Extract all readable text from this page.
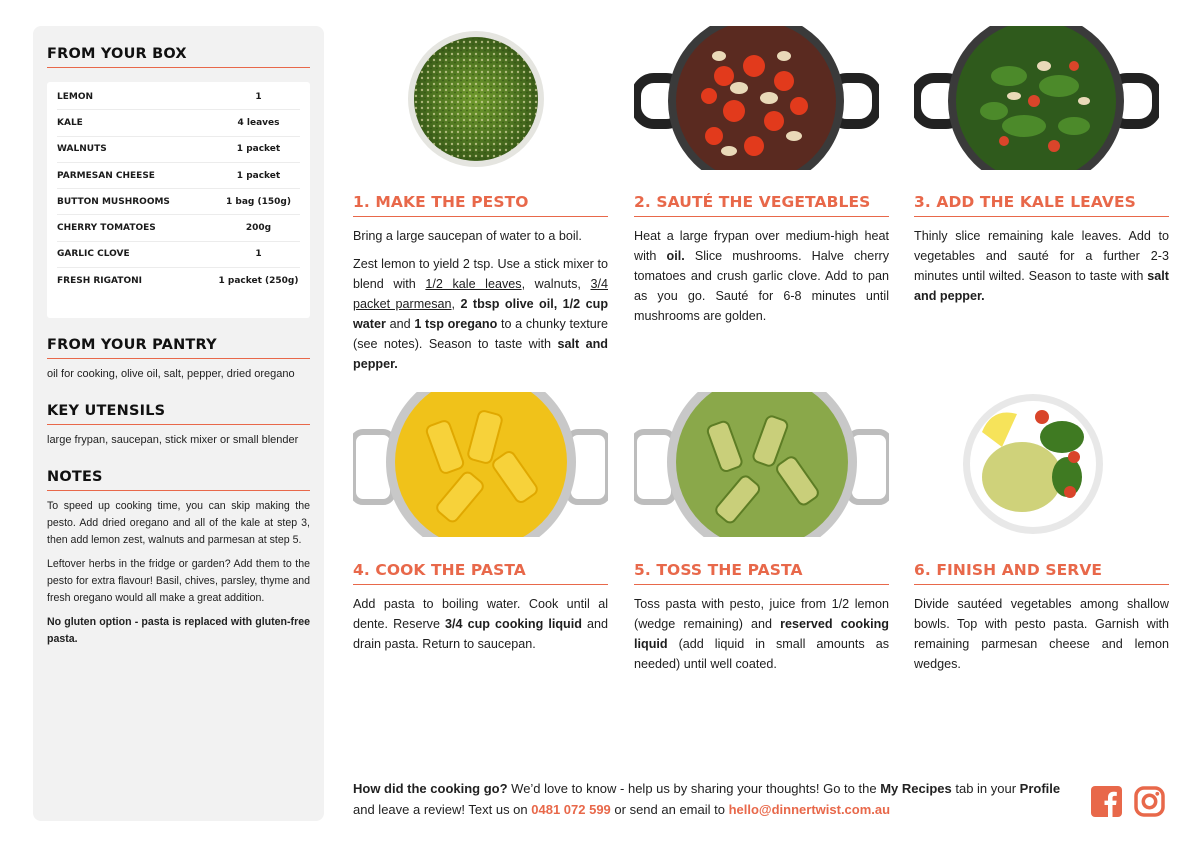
FROM YOUR BOX
LEMON	1
KALE	4 leaves
WALNUTS	1 packet
PARMESAN CHEESE	1 packet
BUTTON MUSHROOMS	1 bag (150g)
CHERRY TOMATOES	200g
GARLIC CLOVE	1
FRESH RIGATONI	1 packet (250g)
FROM YOUR PANTRY
oil for cooking, olive oil, salt, pepper, dried oregano
KEY UTENSILS
large frypan, saucepan, stick mixer or small blender
NOTES

To speed up cooking time, you can skip making the pesto. Add dried oregano and all of the kale at step 3, then add lemon zest, walnuts and parmesan at step 5.

Leftover herbs in the fridge or garden? Add them to the pesto for extra flavour! Basil, chives, parsley, thyme and fresh oregano would all make a great addition.

No gluten option - pasta is replaced with gluten-free pasta.

1. MAKE THE PESTO

Bring a large saucepan of water to a boil.

Zest lemon to yield 2 tsp. Use a stick mixer to blend with 1/2 kale leaves, walnuts, 3/4 packet parmesan, 2 tbsp olive oil, 1/2 cup water and 1 tsp oregano to a chunky texture (see notes). Season to taste with salt and pepper.

2. SAUTÉ THE VEGETABLES

Heat a large frypan over medium-high heat with oil. Slice mushrooms. Halve cherry tomatoes and crush garlic clove. Add to pan as you go. Sauté for 6-8 minutes until mushrooms are golden.

3. ADD THE KALE LEAVES

Thinly slice remaining kale leaves. Add to vegetables and sauté for a further 2-3 minutes until wilted. Season to taste with salt and pepper.

4. COOK THE PASTA

Add pasta to boiling water. Cook until al dente. Reserve 3/4 cup cooking liquid and drain pasta. Return to saucepan.

5. TOSS THE PASTA

Toss pasta with pesto, juice from 1/2 lemon (wedge remaining) and reserved cooking liquid (add liquid in small amounts as needed) until well coated.

6. FINISH AND SERVE

Divide sautéed vegetables among shallow bowls. Top with pesto pasta. Garnish with remaining parmesan cheese and lemon wedges.

How did the cooking go? We’d love to know - help us by sharing your thoughts! Go to the My Recipes tab in your Profile and leave a review! Text us on 0481 072 599 or send an email to hello@dinnertwist.com.au
